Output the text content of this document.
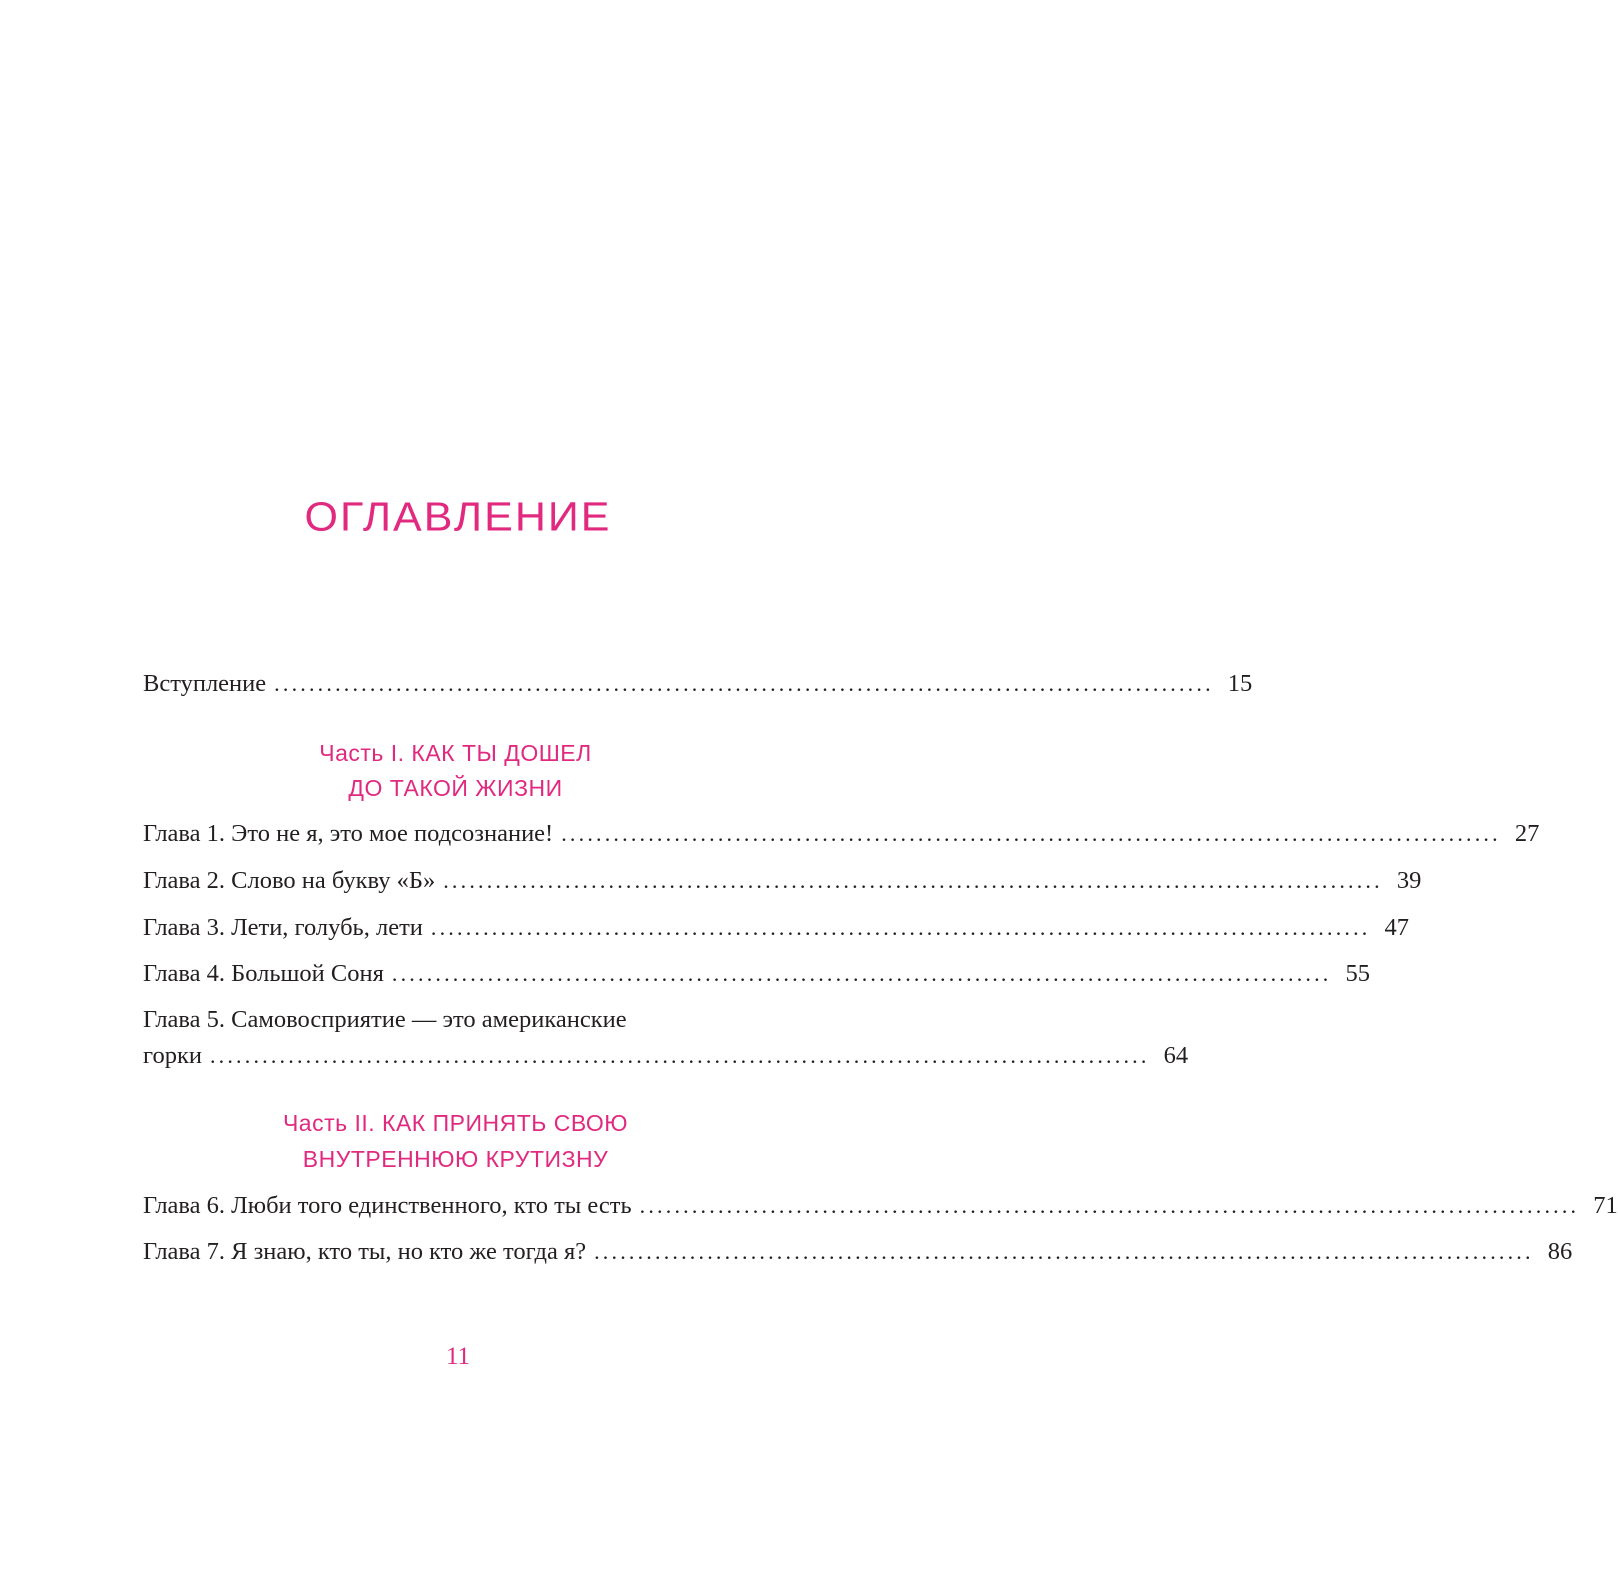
ОГЛАВЛЕНИЕ
Вступление ............................................................................................................ 15
Часть I. КАК ТЫ ДОШЕЛ
ДО ТАКОЙ ЖИЗНИ
Глава 1. Это не я, это мое подсознание! ............................................................................................................ 27
Глава 2. Слово на букву «Б» ............................................................................................................ 39
Глава 3. Лети, голубь, лети ............................................................................................................ 47
Глава 4. Большой Соня ............................................................................................................ 55
Глава 5. Самовосприятие — это американские
горки ............................................................................................................ 64
Часть II. КАК ПРИНЯТЬ СВОЮ
ВНУТРЕННЮЮ КРУТИЗНУ
Глава 6. Люби того единственного, кто ты есть ............................................................................................................ 71
Глава 7. Я знаю, кто ты, но кто же тогда я? ............................................................................................................ 86
11
